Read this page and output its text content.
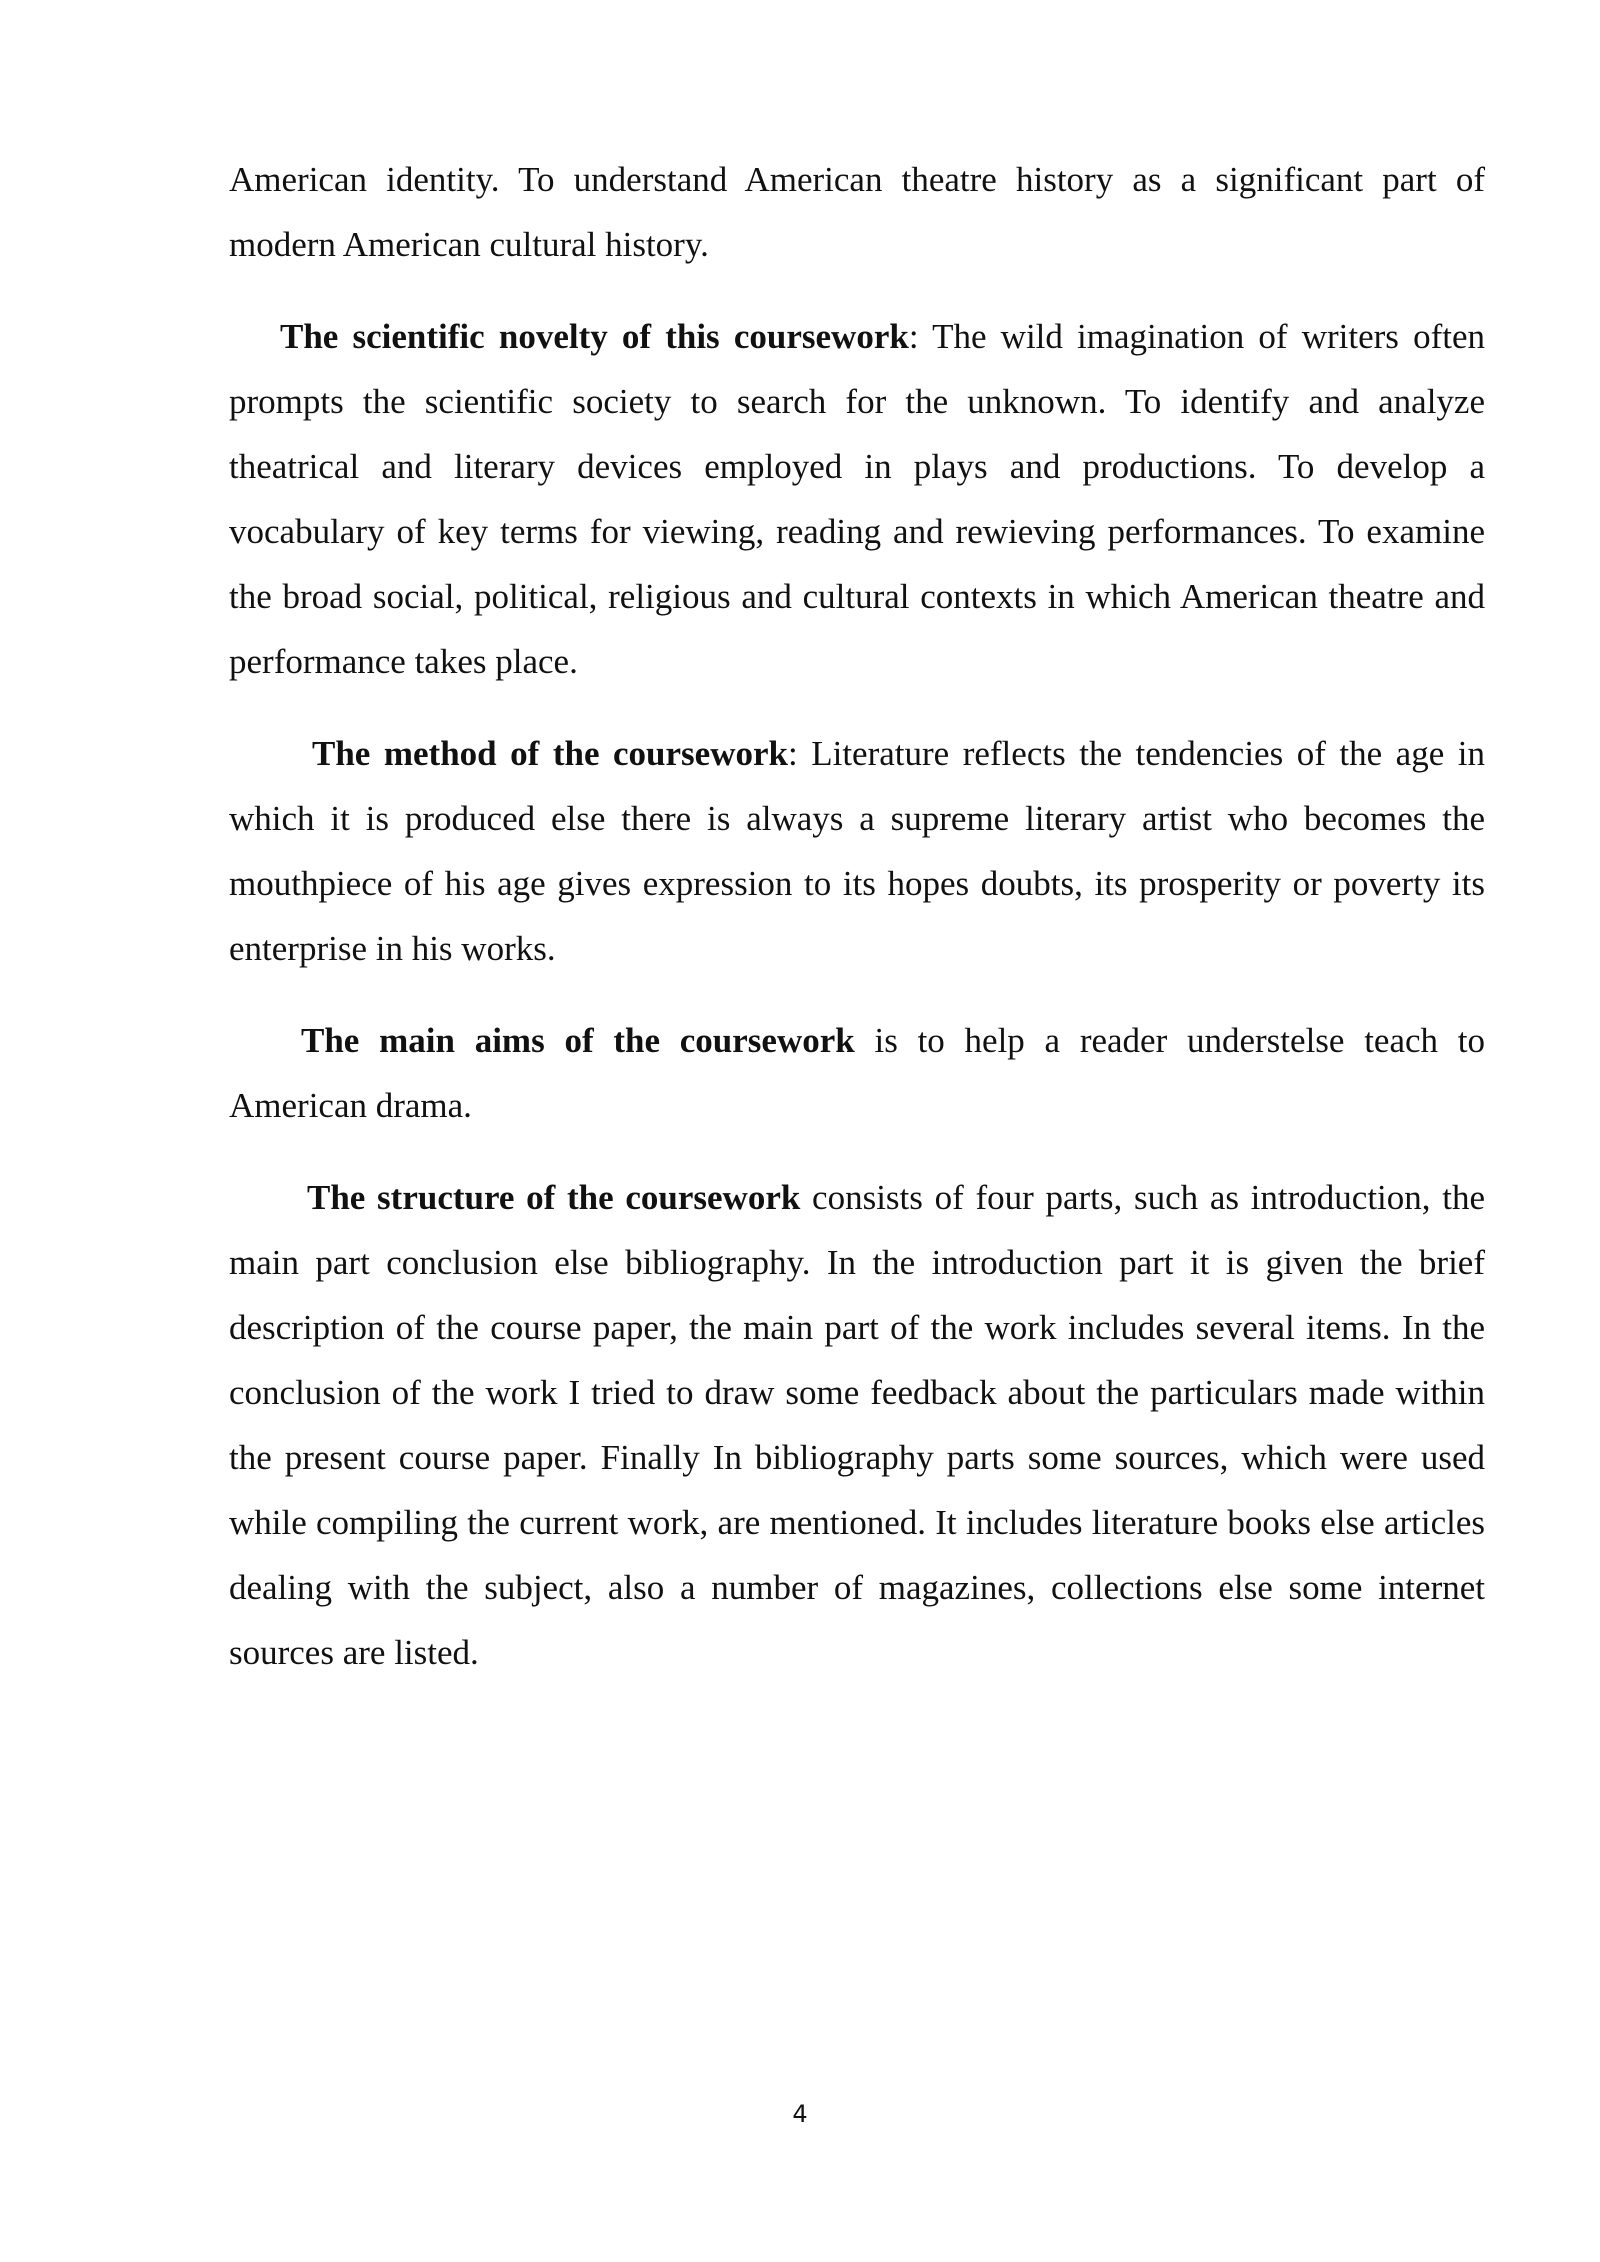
American identity. To understand American theatre history as a significant part of modern American cultural history.

The scientific novelty of this coursework: The wild imagination of writers often prompts the scientific society to search for the unknown. To identify and analyze theatrical and literary devices employed in plays and productions. To develop a vocabulary of key terms for viewing, reading and rewieving performances. To examine the broad social, political, religious and cultural contexts in which American theatre and performance takes place.

The method of the coursework: Literature reflects the tendencies of the age in which it is produced else there is always a supreme literary artist who becomes the mouthpiece of his age gives expression to its hopes doubts, its prosperity or poverty its enterprise in his works.

The main aims of the coursework is to help a reader understelse teach to American drama.

The structure of the coursework consists of four parts, such as introduction, the main part conclusion else bibliography. In the introduction part it is given the brief description of the course paper, the main part of the work includes several items. In the conclusion of the work I tried to draw some feedback about the particulars made within the present course paper. Finally In bibliography parts some sources, which were used while compiling the current work, are mentioned. It includes literature books else articles dealing with the subject, also a number of magazines, collections else some internet sources are listed.

4
